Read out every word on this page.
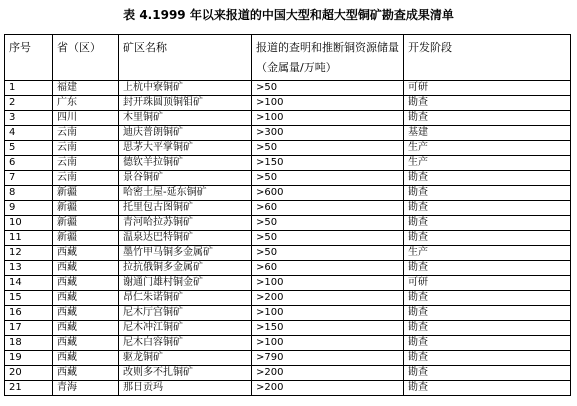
表 4.1999 年以来报道的中国大型和超大型铜矿勘查成果清单
序号	省（区）	矿区名称	报道的查明和推断铜资源储量（金属量/万吨）	开发阶段
1	福建	上杭中寮铜矿	>50	可研
2	广东	封开珠圆顶铜钼矿	>100	勘查
3	四川	木里铜矿	>100	勘查
4	云南	迪庆普朗铜矿	>300	基建
5	云南	思茅大平掌铜矿	>50	生产
6	云南	德钦羊拉铜矿	>150	生产
7	云南	景谷铜矿	>50	勘查
8	新疆	哈密土屋-延东铜矿	>600	勘查
9	新疆	托里包古图铜矿	>60	勘查
10	新疆	青河哈拉苏铜矿	>50	勘查
11	新疆	温泉达巴特铜矿	>50	勘查
12	西藏	墨竹甲马铜多金属矿	>50	生产
13	西藏	拉抗俄铜多金属矿	>60	勘查
14	西藏	谢通门雄村铜金矿	>100	可研
15	西藏	昂仁朱诺铜矿	>200	勘查
16	西藏	尼木厅宫铜矿	>100	勘查
17	西藏	尼木冲江铜矿	>150	勘查
18	西藏	尼木白容铜矿	>100	勘查
19	西藏	驱龙铜矿	>790	勘查
20	西藏	改则多不扎铜矿	>200	勘查
21	青海	那日贡玛	>200	勘查
